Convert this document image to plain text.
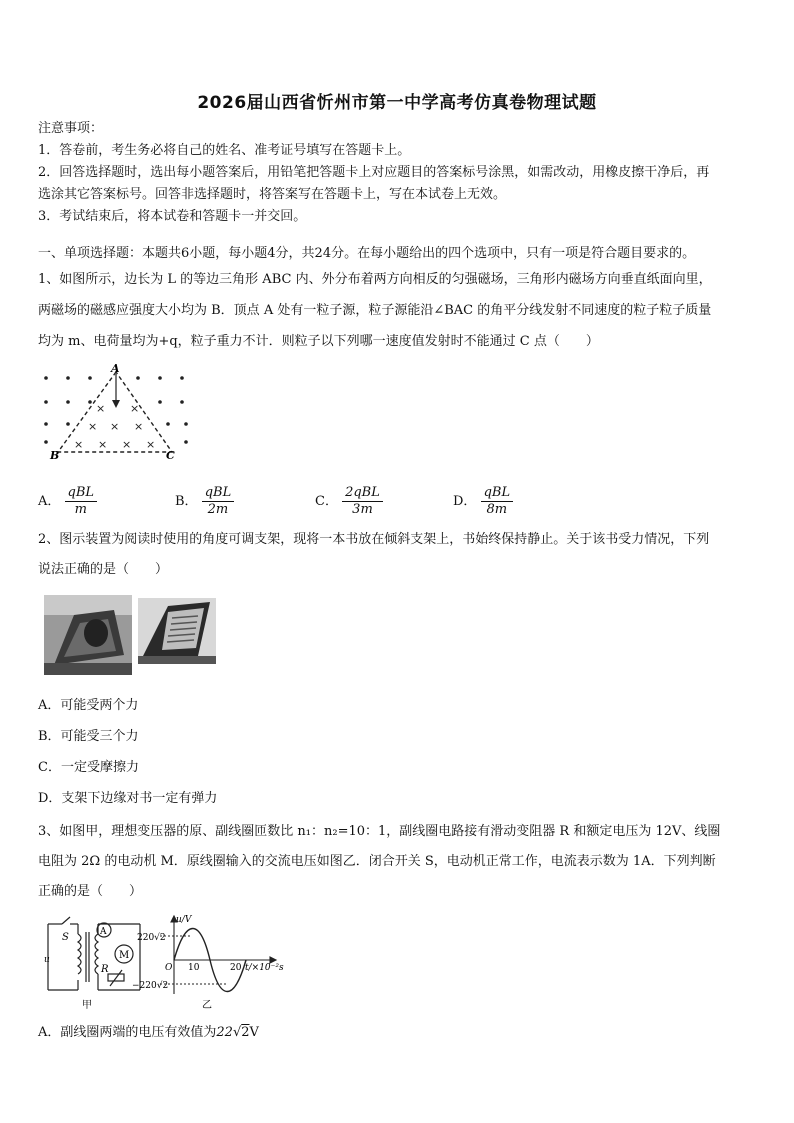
2026届山西省忻州市第一中学高考仿真卷物理试题
注意事项：
1．答卷前，考生务必将自己的姓名、准考证号填写在答题卡上。
2．回答选择题时，选出每小题答案后，用铅笔把答题卡上对应题目的答案标号涂黑，如需改动，用橡皮擦干净后，再
选涂其它答案标号。回答非选择题时，将答案写在答题卡上，写在本试卷上无效。
3．考试结束后，将本试卷和答题卡一并交回。
一、单项选择题：本题共6小题，每小题4分，共24分。在每小题给出的四个选项中，只有一项是符合题目要求的。
1、如图所示，边长为 L 的等边三角形 ABC 内、外分布着两方向相反的匀强磁场，三角形内磁场方向垂直纸面向里，
两磁场的磁感应强度大小均为 B．顶点 A 处有一粒子源，粒子源能沿∠BAC 的角平分线发射不同速度的粒子粒子质量
均为 m、电荷量均为+q，粒子重力不计．则粒子以下列哪一速度值发射时不能通过 C 点（　　）
× ×
× × ×
× × × ×
A
B	C
A． $\frac{\text{qBL}}{m}$	B． $\frac{\text{qBL}}{2m}$	C． $\frac{\text{2qBL}}{3m}$	D． $\frac{\text{qBL}}{8m}$
2、图示装置为阅读时使用的角度可调支架，现将一本书放在倾斜支架上，书始终保持静止。关于该书受力情况，下列
说法正确的是（　　）
A．可能受两个力
B．可能受三个力
C．一定受摩擦力
D．支架下边缘对书一定有弹力
3、如图甲，理想变压器的原、副线圈匝数比 n₁：n₂=10：1，副线圈电路接有滑动变阻器 R 和额定电压为 12V、线圈
电阻为 2Ω 的电动机 M．原线圈输入的交流电压如图乙．闭合开关 S，电动机正常工作，电流表示数为 1A．下列判断
正确的是（　　）
S	A
M
R
u
甲
u/V
t/×10⁻²s
O
220√2
−220√2
10	20
乙
A．副线圈两端的电压有效值为22√2V
